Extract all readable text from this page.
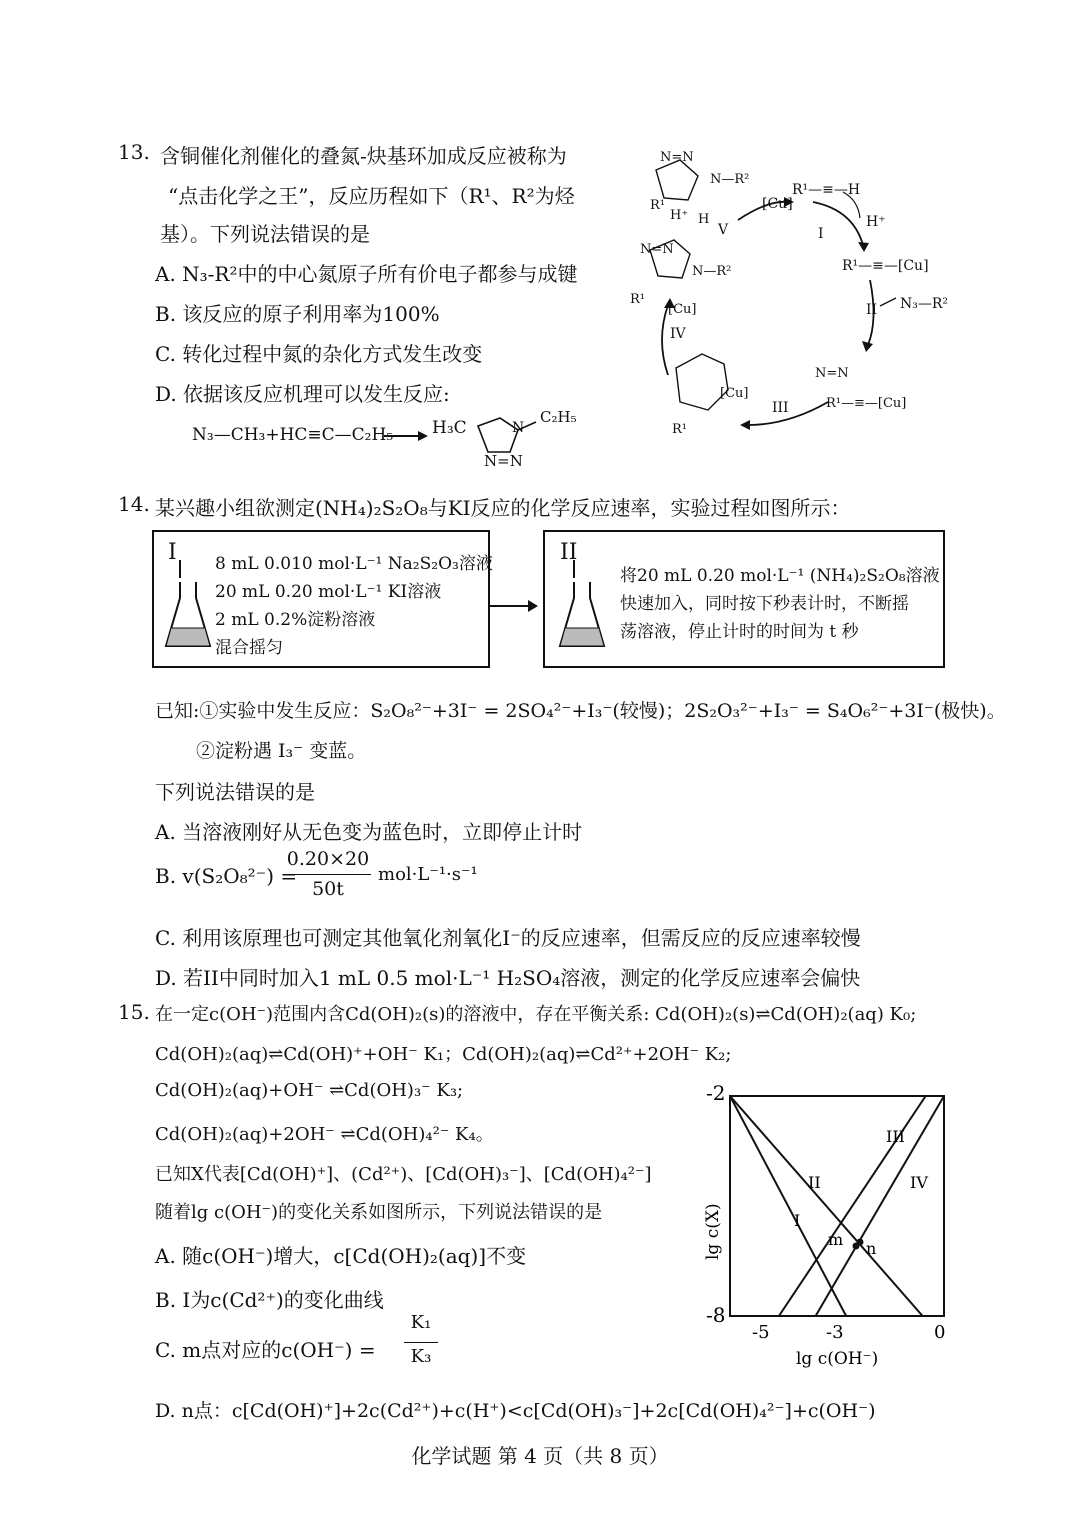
13. 含铜催化剂催化的叠氮-炔基环加成反应被称为
“点击化学之王”，反应历程如下（R¹、R²为烃
基）。下列说法错误的是
A. N₃-R²中的中心氮原子所有价电子都参与成键
B. 该反应的原子利用率为100%
C. 转化过程中氮的杂化方式发生改变
D. 依据该反应机理可以发生反应:
N₃—CH₃+HC≡C—C₂H₅ → H₃C	N
C₂H₅
N=N
[Cu]
R¹—≡—H
H⁺
I
R¹—≡—[Cu]
II N₃—R²
III
IV
V
H⁺ H
R¹
N—R²
N=N
N—R²
N=N
R¹
[Cu]
[Cu]
R¹
N=N
R¹—≡—[Cu]
14. 某兴趣小组欲测定(NH₄)₂S₂O₈与KI反应的化学反应速率，实验过程如图所示：
I 8 mL 0.010 mol·L⁻¹ Na₂S₂O₃溶液
20 mL 0.20 mol·L⁻¹ KI溶液
2 mL 0.2%淀粉溶液
混合摇匀
II
将20 mL 0.20 mol·L⁻¹ (NH₄)₂S₂O₈溶液
快速加入，同时按下秒表计时，不断摇
荡溶液，停止计时的时间为 t 秒
已知:①实验中发生反应：S₂O₈²⁻+3I⁻ = 2SO₄²⁻+I₃⁻(较慢)；2S₂O₃²⁻+I₃⁻ = S₄O₆²⁻+3I⁻(极快)。
②淀粉遇 I₃⁻ 变蓝。
下列说法错误的是
A. 当溶液刚好从无色变为蓝色时，立即停止计时
B. v(S₂O₈²⁻) =
0.20×20
50t
mol·L⁻¹·s⁻¹
C. 利用该原理也可测定其他氧化剂氧化I⁻的反应速率，但需反应的反应速率较慢
D. 若II中同时加入1 mL 0.5 mol·L⁻¹ H₂SO₄溶液，测定的化学反应速率会偏快
15. 在一定c(OH⁻)范围内含Cd(OH)₂(s)的溶液中，存在平衡关系: Cd(OH)₂(s)⇌Cd(OH)₂(aq) K₀;
Cd(OH)₂(aq)⇌Cd(OH)⁺+OH⁻ K₁；Cd(OH)₂(aq)⇌Cd²⁺+2OH⁻ K₂;
Cd(OH)₂(aq)+OH⁻ ⇌Cd(OH)₃⁻ K₃;
Cd(OH)₂(aq)+2OH⁻ ⇌Cd(OH)₄²⁻ K₄。
已知X代表[Cd(OH)⁺]、(Cd²⁺)、[Cd(OH)₃⁻]、[Cd(OH)₄²⁻]
随着lg c(OH⁻)的变化关系如图所示，下列说法错误的是
A. 随c(OH⁻)增大，c[Cd(OH)₂(aq)]不变
B. I为c(Cd²⁺)的变化曲线
C. m点对应的c(OH⁻) =
K₁
K₃
D. n点：c[Cd(OH)⁺]+2c(Cd²⁺)+c(H⁺)<c[Cd(OH)₃⁻]+2c[Cd(OH)₄²⁻]+c(OH⁻)
-2
-8
-5	-3	0
lg c(OH⁻)
lg c(X)
II
I
III
IV
m n
化学试题 第 4 页（共 8 页）
